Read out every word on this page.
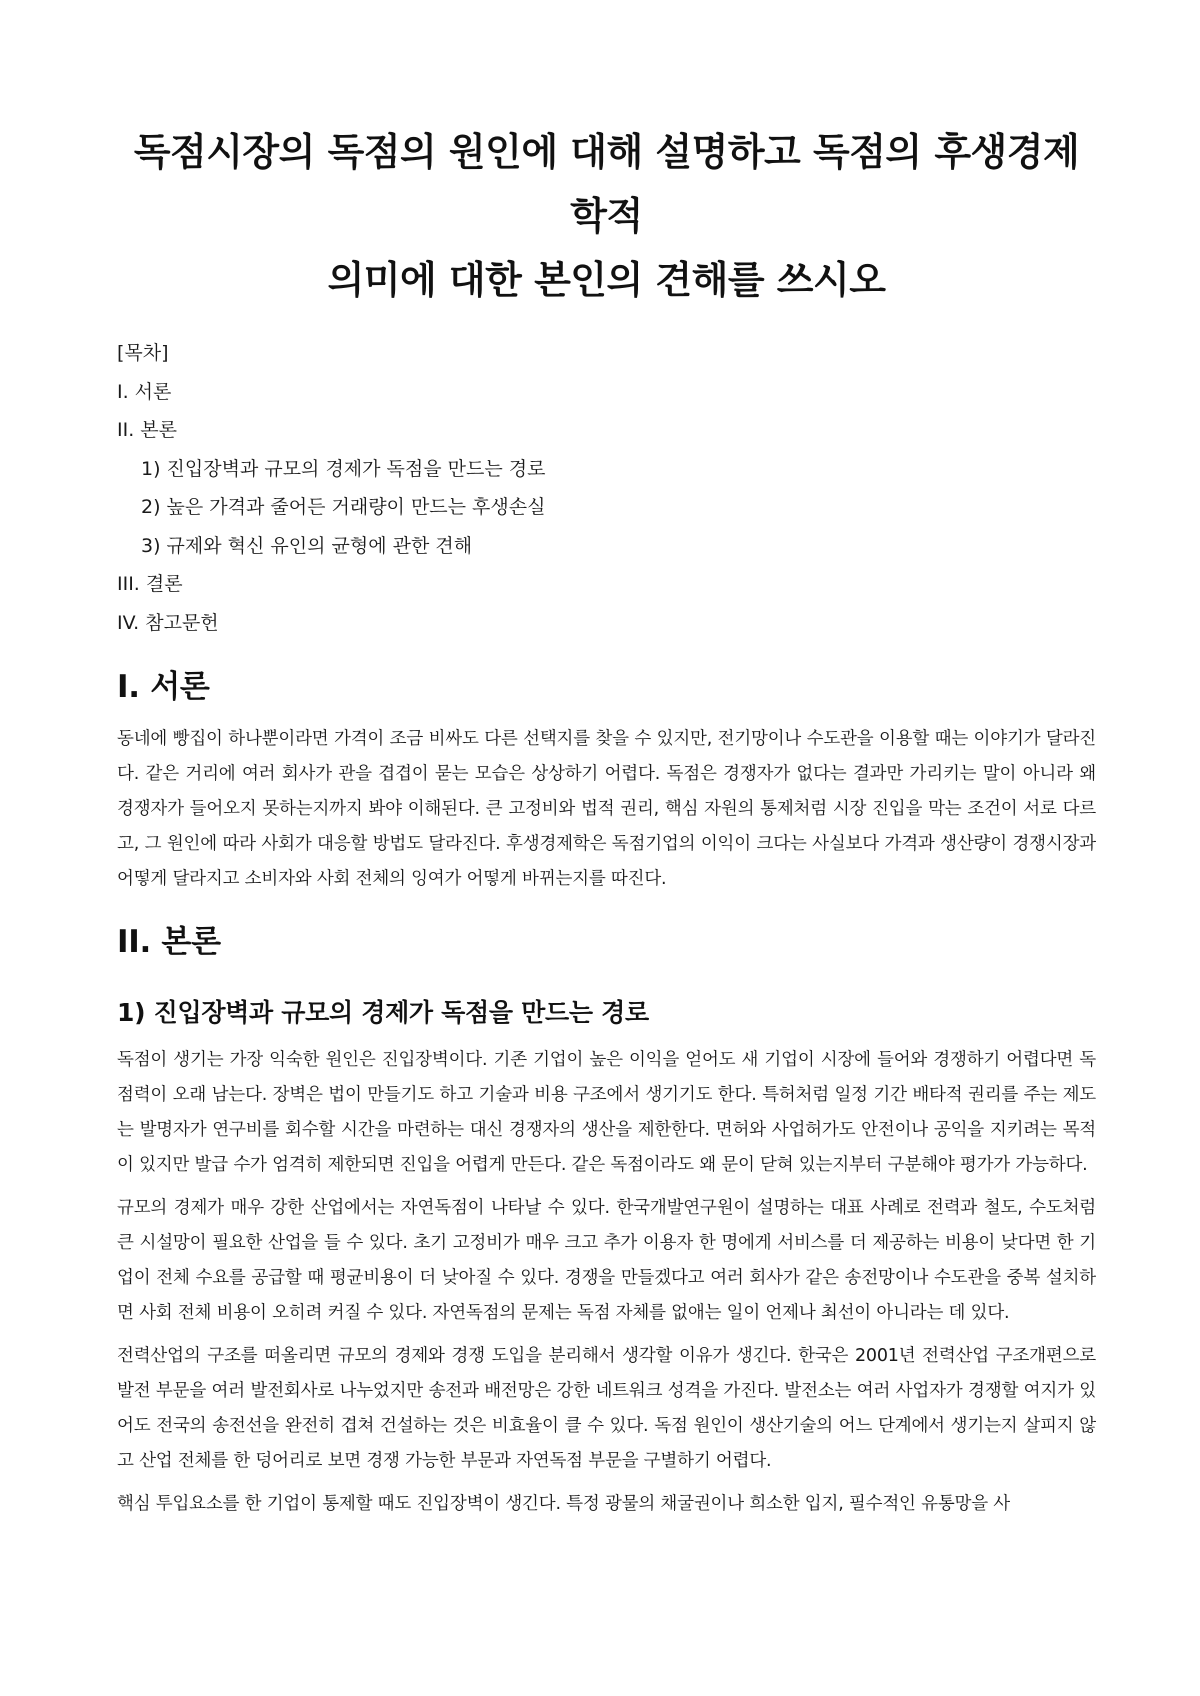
독점시장의 독점의 원인에 대해 설명하고 독점의 후생경제학적
의미에 대한 본인의 견해를 쓰시오
[목차]
I. 서론
II. 본론
1) 진입장벽과 규모의 경제가 독점을 만드는 경로
2) 높은 가격과 줄어든 거래량이 만드는 후생손실
3) 규제와 혁신 유인의 균형에 관한 견해
III. 결론
IV. 참고문헌
I. 서론

동네에 빵집이 하나뿐이라면 가격이 조금 비싸도 다른 선택지를 찾을 수 있지만, 전기망이나 수도관을 이용할 때는 이야기가 달라진다. 같은 거리에 여러 회사가 관을 겹겹이 묻는 모습은 상상하기 어렵다. 독점은 경쟁자가 없다는 결과만 가리키는 말이 아니라 왜 경쟁자가 들어오지 못하는지까지 봐야 이해된다. 큰 고정비와 법적 권리, 핵심 자원의 통제처럼 시장 진입을 막는 조건이 서로 다르고, 그 원인에 따라 사회가 대응할 방법도 달라진다. 후생경제학은 독점기업의 이익이 크다는 사실보다 가격과 생산량이 경쟁시장과 어떻게 달라지고 소비자와 사회 전체의 잉여가 어떻게 바뀌는지를 따진다.

II. 본론
1) 진입장벽과 규모의 경제가 독점을 만드는 경로

독점이 생기는 가장 익숙한 원인은 진입장벽이다. 기존 기업이 높은 이익을 얻어도 새 기업이 시장에 들어와 경쟁하기 어렵다면 독점력이 오래 남는다. 장벽은 법이 만들기도 하고 기술과 비용 구조에서 생기기도 한다. 특허처럼 일정 기간 배타적 권리를 주는 제도는 발명자가 연구비를 회수할 시간을 마련하는 대신 경쟁자의 생산을 제한한다. 면허와 사업허가도 안전이나 공익을 지키려는 목적이 있지만 발급 수가 엄격히 제한되면 진입을 어렵게 만든다. 같은 독점이라도 왜 문이 닫혀 있는지부터 구분해야 평가가 가능하다.

규모의 경제가 매우 강한 산업에서는 자연독점이 나타날 수 있다. 한국개발연구원이 설명하는 대표 사례로 전력과 철도, 수도처럼 큰 시설망이 필요한 산업을 들 수 있다. 초기 고정비가 매우 크고 추가 이용자 한 명에게 서비스를 더 제공하는 비용이 낮다면 한 기업이 전체 수요를 공급할 때 평균비용이 더 낮아질 수 있다. 경쟁을 만들겠다고 여러 회사가 같은 송전망이나 수도관을 중복 설치하면 사회 전체 비용이 오히려 커질 수 있다. 자연독점의 문제는 독점 자체를 없애는 일이 언제나 최선이 아니라는 데 있다.

전력산업의 구조를 떠올리면 규모의 경제와 경쟁 도입을 분리해서 생각할 이유가 생긴다. 한국은 2001년 전력산업 구조개편으로 발전 부문을 여러 발전회사로 나누었지만 송전과 배전망은 강한 네트워크 성격을 가진다. 발전소는 여러 사업자가 경쟁할 여지가 있어도 전국의 송전선을 완전히 겹쳐 건설하는 것은 비효율이 클 수 있다. 독점 원인이 생산기술의 어느 단계에서 생기는지 살피지 않고 산업 전체를 한 덩어리로 보면 경쟁 가능한 부문과 자연독점 부문을 구별하기 어렵다.

핵심 투입요소를 한 기업이 통제할 때도 진입장벽이 생긴다. 특정 광물의 채굴권이나 희소한 입지, 필수적인 유통망을 사
